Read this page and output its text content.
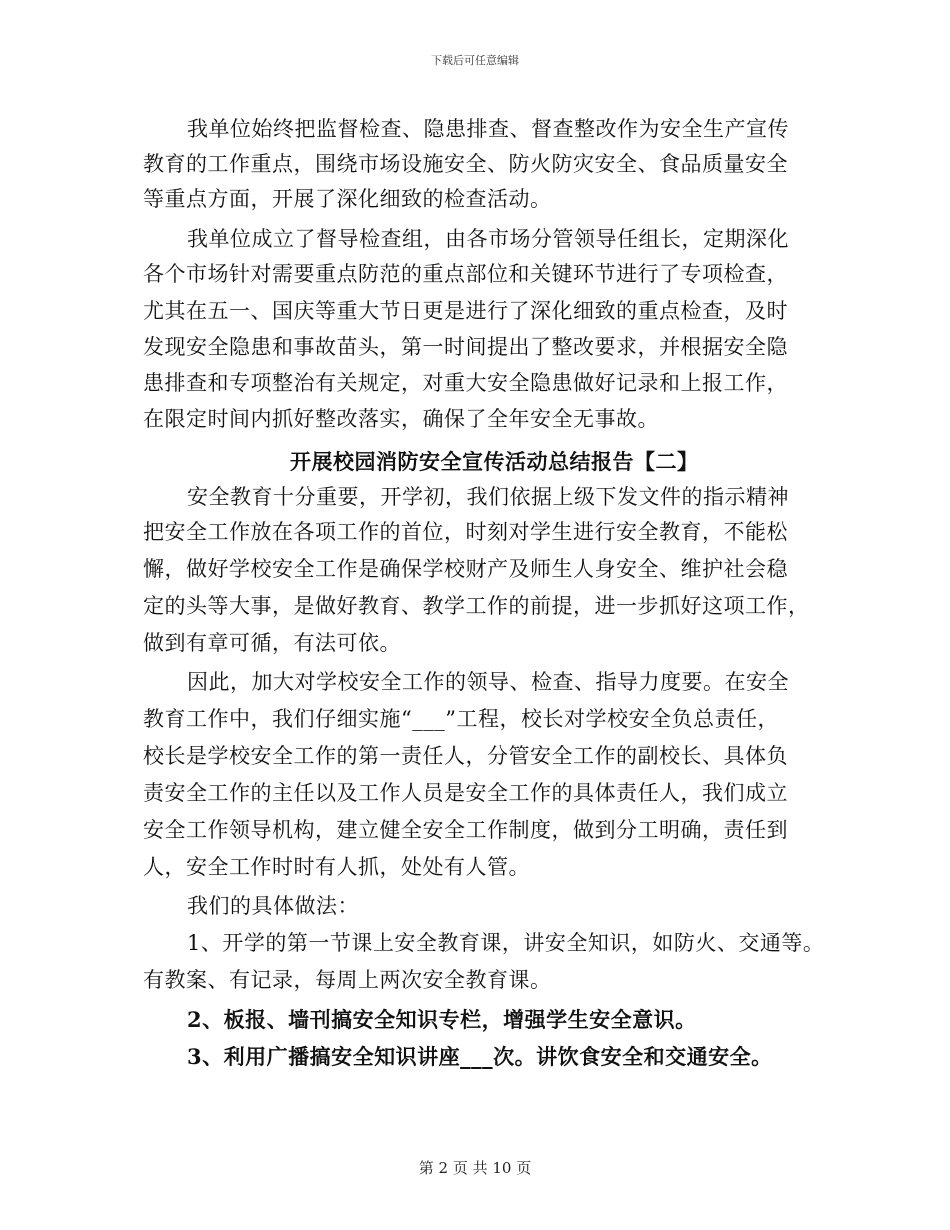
下载后可任意编辑
我单位始终把监督检查、隐患排查、督查整改作为安全生产宣传
教育的工作重点，围绕市场设施安全、防火防灾安全、食品质量安全
等重点方面，开展了深化细致的检查活动。
我单位成立了督导检查组，由各市场分管领导任组长，定期深化
各个市场针对需要重点防范的重点部位和关键环节进行了专项检查，
尤其在五一、国庆等重大节日更是进行了深化细致的重点检查，及时
发现安全隐患和事故苗头，第一时间提出了整改要求，并根据安全隐
患排查和专项整治有关规定，对重大安全隐患做好记录和上报工作，
在限定时间内抓好整改落实，确保了全年安全无事故。
开展校园消防安全宣传活动总结报告【二】
安全教育十分重要，开学初，我们依据上级下发文件的指示精神
把安全工作放在各项工作的首位，时刻对学生进行安全教育，不能松
懈，做好学校安全工作是确保学校财产及师生人身安全、维护社会稳
定的头等大事，是做好教育、教学工作的前提，进一步抓好这项工作，
做到有章可循，有法可依。
因此，加大对学校安全工作的领导、检查、指导力度要。在安全
教育工作中，我们仔细实施“___”工程，校长对学校安全负总责任，
校长是学校安全工作的第一责任人，分管安全工作的副校长、具体负
责安全工作的主任以及工作人员是安全工作的具体责任人，我们成立
安全工作领导机构，建立健全安全工作制度，做到分工明确，责任到
人，安全工作时时有人抓，处处有人管。
我们的具体做法：
1、开学的第一节课上安全教育课，讲安全知识，如防火、交通等。
有教案、有记录，每周上两次安全教育课。
2、板报、墙刊搞安全知识专栏，增强学生安全意识。
3、利用广播搞安全知识讲座___次。讲饮食安全和交通安全。
第 2 页 共 10 页
